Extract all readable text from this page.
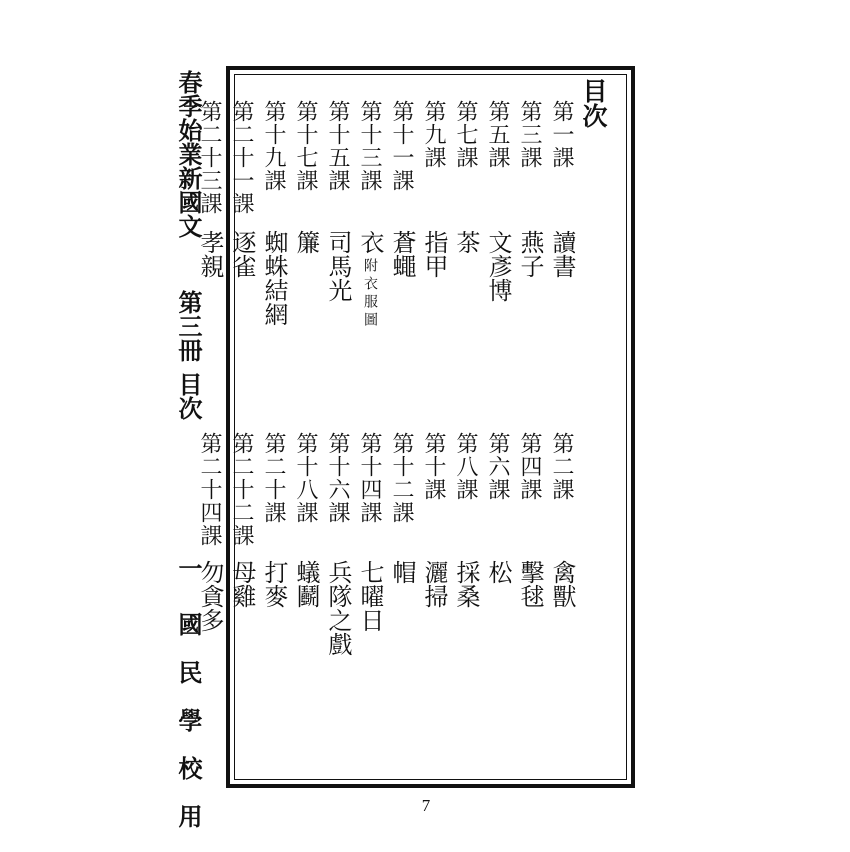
目次
第一課
讀書
第三課
燕子
第五課
文彥博
第七課
茶
第九課
指甲
第十一課
蒼蠅
第十三課
衣
附衣服圖
第十五課
司馬光
第十七課
簾
第十九課
蜘蛛結網
第二十一課
逐雀
第二十三課
孝親
第二課
禽獸
第四課
擊毬
第六課
松
第八課
採桑
第十課
灑掃
第十二課
帽
第十四課
七曜日
第十六課
兵隊之戲
第十八課
蟻鬬
第二十課
打麥
第二十二課
母雞
第二十四課
勿貪多
春季始業新國文
第三冊
目次
一
國民學校用	7
